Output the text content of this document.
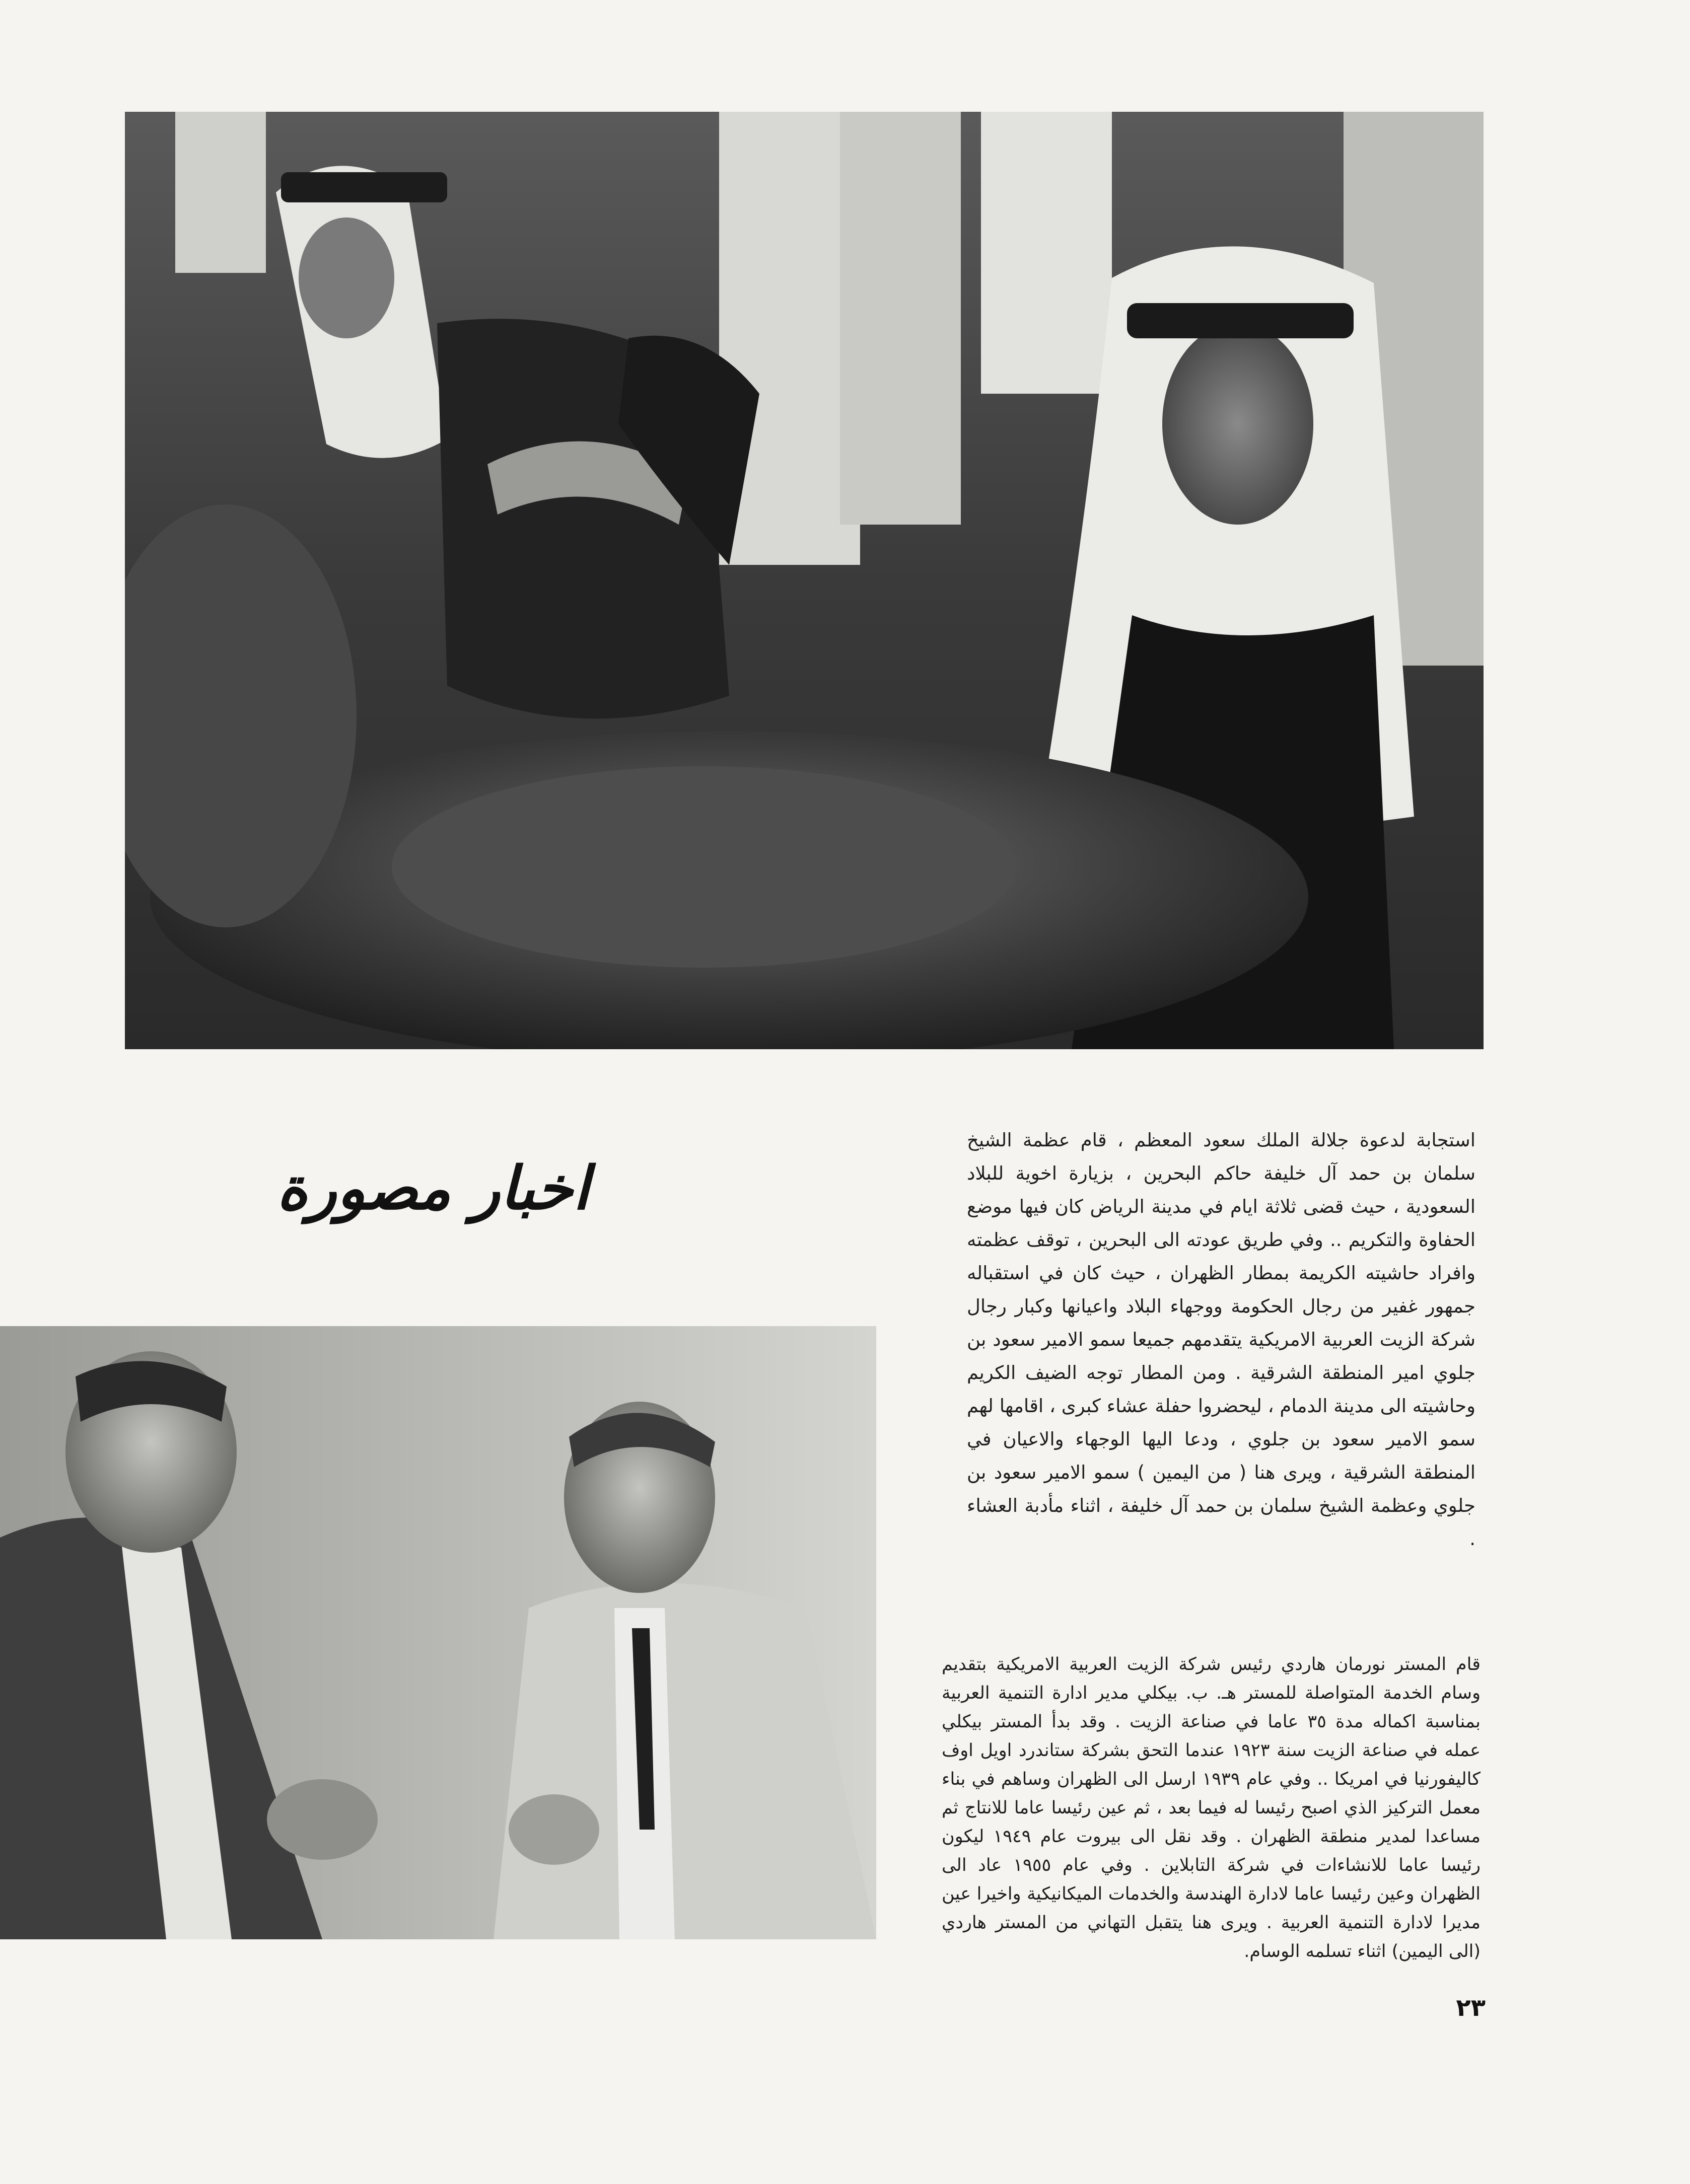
اخبار مصورة
استجابة لدعوة جلالة الملك سعود المعظم ، قام عظمة الشيخ سلمان بن حمد آل خليفة حاكم البحرين ، بزيارة اخوية للبلاد السعودية ، حيث قضى ثلاثة ايام في مدينة الرياض كان فيها موضع الحفاوة والتكريم .. وفي طريق عودته الى البحرين ، توقف عظمته وافراد حاشيته الكريمة بمطار الظهران ، حيث كان في استقباله جمهور غفير من رجال الحكومة ووجهاء البلاد واعيانها وكبار رجال شركة الزيت العربية الامريكية يتقدمهم جميعا سمو الامير سعود بن جلوي امير المنطقة الشرقية . ومن المطار توجه الضيف الكريم وحاشيته الى مدينة الدمام ، ليحضروا حفلة عشاء كبرى ، اقامها لهم سمو الامير سعود بن جلوي ، ودعا اليها الوجهاء والاعيان في المنطقة الشرقية ، ويرى هنا ( من اليمين ) سمو الامير سعود بن جلوي وعظمة الشيخ سلمان بن حمد آل خليفة ، اثناء مأدبة العشاء .
قام المستر نورمان هاردي رئيس شركة الزيت العربية الامريكية بتقديم وسام الخدمة المتواصلة للمستر هـ. ب. بيكلي مدير ادارة التنمية العربية بمناسبة اكماله مدة ٣٥ عاما في صناعة الزيت . وقد بدأ المستر بيكلي عمله في صناعة الزيت سنة ١٩٢٣ عندما التحق بشركة ستاندرد اويل اوف كاليفورنيا في امريكا .. وفي عام ١٩٣٩ ارسل الى الظهران وساهم في بناء معمل التركيز الذي اصبح رئيسا له فيما بعد ، ثم عين رئيسا عاما للانتاج ثم مساعدا لمدير منطقة الظهران . وقد نقل الى بيروت عام ١٩٤٩ ليكون رئيسا عاما للانشاءات في شركة التابلاين . وفي عام ١٩٥٥ عاد الى الظهران وعين رئيسا عاما لادارة الهندسة والخدمات الميكانيكية واخيرا عين مديرا لادارة التنمية العربية . ويرى هنا يتقبل التهاني من المستر هاردي (الى اليمين) اثناء تسلمه الوسام.
٢٣
